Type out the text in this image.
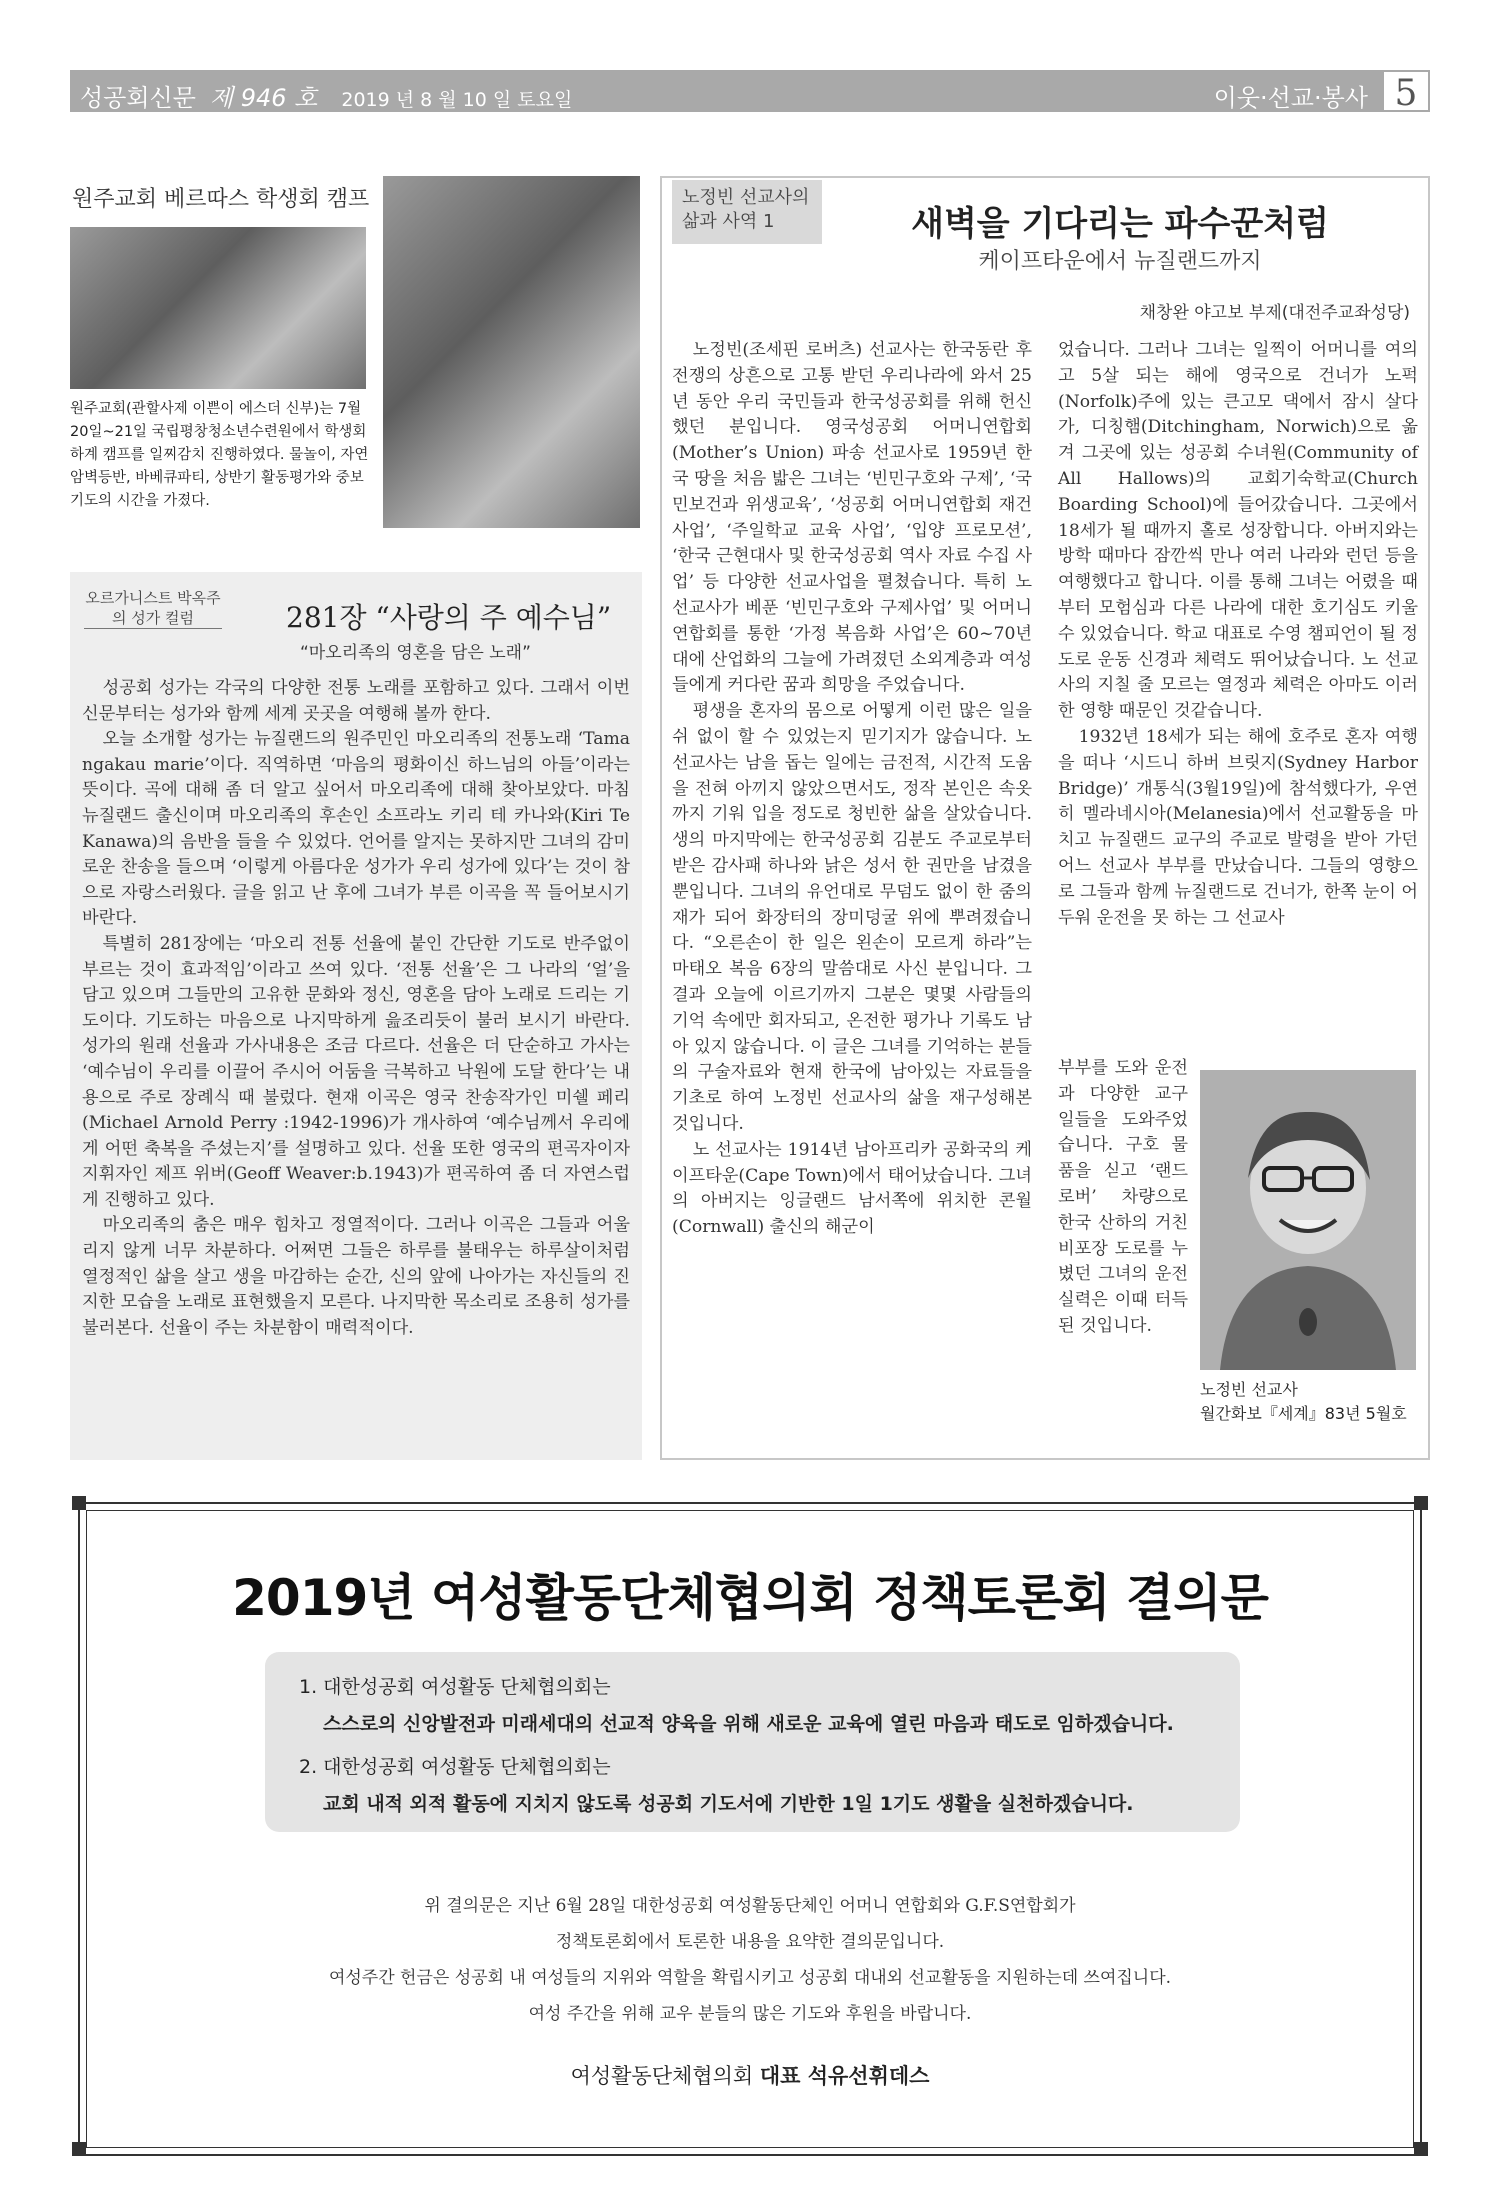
성공회신문 제 946 호 2019 년 8 월 10 일 토요일	이웃·선교·봉사 5
원주교회 베르따스 학생회 캠프
원주교회(관할사제 이쁜이 에스더 신부)는 7월 20일~21일 국립평창청소년수련원에서 학생회 하계 캠프를 일찌감치 진행하였다. 물놀이, 자연암벽등반, 바베큐파티, 상반기 활동평가와 중보기도의 시간을 가졌다.
오르가니스트 박옥주의 성가 컬럼	281장 “사랑의 주 예수님”
“마오리족의 영혼을 담은 노래”

성공회 성가는 각국의 다양한 전통 노래를 포함하고 있다. 그래서 이번 신문부터는 성가와 함께 세계 곳곳을 여행해 볼까 한다.

오늘 소개할 성가는 뉴질랜드의 원주민인 마오리족의 전통노래 ‘Tama ngakau marie’이다. 직역하면 ‘마음의 평화이신 하느님의 아들’이라는 뜻이다. 곡에 대해 좀 더 알고 싶어서 마오리족에 대해 찾아보았다. 마침 뉴질랜드 출신이며 마오리족의 후손인 소프라노 키리 테 카나와(Kiri Te Kanawa)의 음반을 들을 수 있었다. 언어를 알지는 못하지만 그녀의 감미로운 찬송을 들으며 ‘이렇게 아름다운 성가가 우리 성가에 있다’는 것이 참으로 자랑스러웠다. 글을 읽고 난 후에 그녀가 부른 이곡을 꼭 들어보시기 바란다.

특별히 281장에는 ‘마오리 전통 선율에 붙인 간단한 기도로 반주없이 부르는 것이 효과적임’이라고 쓰여 있다. ‘전통 선율’은 그 나라의 ‘얼’을 담고 있으며 그들만의 고유한 문화와 정신, 영혼을 담아 노래로 드리는 기도이다. 기도하는 마음으로 나지막하게 읊조리듯이 불러 보시기 바란다. 성가의 원래 선율과 가사내용은 조금 다르다. 선율은 더 단순하고 가사는 ‘예수님이 우리를 이끌어 주시어 어둠을 극복하고 낙원에 도달 한다’는 내용으로 주로 장례식 때 불렀다. 현재 이곡은 영국 찬송작가인 미쉘 페리(Michael Arnold Perry :1942-1996)가 개사하여 ‘예수님께서 우리에게 어떤 축복을 주셨는지’를 설명하고 있다. 선율 또한 영국의 편곡자이자 지휘자인 제프 위버(Geoff Weaver:b.1943)가 편곡하여 좀 더 자연스럽게 진행하고 있다.

마오리족의 춤은 매우 힘차고 정열적이다. 그러나 이곡은 그들과 어울리지 않게 너무 차분하다. 어쩌면 그들은 하루를 불태우는 하루살이처럼 열정적인 삶을 살고 생을 마감하는 순간, 신의 앞에 나아가는 자신들의 진지한 모습을 노래로 표현했을지 모른다. 나지막한 목소리로 조용히 성가를 불러본다. 선율이 주는 차분함이 매력적이다.

노정빈 선교사의 삶과 사역 1	새벽을 기다리는 파수꾼처럼
케이프타운에서 뉴질랜드까지
채창완 야고보 부제(대전주교좌성당)

노정빈(조세핀 로버츠) 선교사는 한국동란 후 전쟁의 상흔으로 고통 받던 우리나라에 와서 25년 동안 우리 국민들과 한국성공회를 위해 헌신했던 분입니다. 영국성공회 어머니연합회(Mother’s Union) 파송 선교사로 1959년 한국 땅을 처음 밟은 그녀는 ‘빈민구호와 구제’, ‘국민보건과 위생교육’, ‘성공회 어머니연합회 재건 사업’, ‘주일학교 교육 사업’, ‘입양 프로모션’, ‘한국 근현대사 및 한국성공회 역사 자료 수집 사업’ 등 다양한 선교사업을 펼쳤습니다. 특히 노 선교사가 베푼 ‘빈민구호와 구제사업’ 및 어머니연합회를 통한 ‘가정 복음화 사업’은 60~70년대에 산업화의 그늘에 가려졌던 소외계층과 여성들에게 커다란 꿈과 희망을 주었습니다.

평생을 혼자의 몸으로 어떻게 이런 많은 일을 쉬 없이 할 수 있었는지 믿기지가 않습니다. 노 선교사는 남을 돕는 일에는 금전적, 시간적 도움을 전혀 아끼지 않았으면서도, 정작 본인은 속옷까지 기워 입을 정도로 청빈한 삶을 살았습니다. 생의 마지막에는 한국성공회 김분도 주교로부터 받은 감사패 하나와 낡은 성서 한 권만을 남겼을 뿐입니다. 그녀의 유언대로 무덤도 없이 한 줌의 재가 되어 화장터의 장미덩굴 위에 뿌려졌습니다. “오른손이 한 일은 왼손이 모르게 하라”는 마태오 복음 6장의 말씀대로 사신 분입니다. 그 결과 오늘에 이르기까지 그분은 몇몇 사람들의 기억 속에만 회자되고, 온전한 평가나 기록도 남아 있지 않습니다. 이 글은 그녀를 기억하는 분들의 구술자료와 현재 한국에 남아있는 자료들을 기초로 하여 노정빈 선교사의 삶을 재구성해본 것입니다.

노 선교사는 1914년 남아프리카 공화국의 케이프타운(Cape Town)에서 태어났습니다. 그녀의 아버지는 잉글랜드 남서쪽에 위치한 콘월(Cornwall) 출신의 해군이

었습니다. 그러나 그녀는 일찍이 어머니를 여의고 5살 되는 해에 영국으로 건너가 노퍽(Norfolk)주에 있는 큰고모 댁에서 잠시 살다가, 디칭햄(Ditchingham, Norwich)으로 옮겨 그곳에 있는 성공회 수녀원(Community of All Hallows)의 교회기숙학교(Church Boarding School)에 들어갔습니다. 그곳에서 18세가 될 때까지 홀로 성장합니다. 아버지와는 방학 때마다 잠깐씩 만나 여러 나라와 런던 등을 여행했다고 합니다. 이를 통해 그녀는 어렸을 때부터 모험심과 다른 나라에 대한 호기심도 키울 수 있었습니다. 학교 대표로 수영 챔피언이 될 정도로 운동 신경과 체력도 뛰어났습니다. 노 선교사의 지칠 줄 모르는 열정과 체력은 아마도 이러한 영향 때문인 것같습니다.

1932년 18세가 되는 해에 호주로 혼자 여행을 떠나 ‘시드니 하버 브릿지(Sydney Harbor Bridge)’ 개통식(3월19일)에 참석했다가, 우연히 멜라네시아(Melanesia)에서 선교활동을 마치고 뉴질랜드 교구의 주교로 발령을 받아 가던 어느 선교사 부부를 만났습니다. 그들의 영향으로 그들과 함께 뉴질랜드로 건너가, 한쪽 눈이 어두워 운전을 못 하는 그 선교사

부부를 도와 운전과 다양한 교구 일들을 도와주었습니다. 구호 물품을 싣고 ‘랜드로버’ 차량으로 한국 산하의 거친 비포장 도로를 누볐던 그녀의 운전 실력은 이때 터득된 것입니다.

노정빈 선교사
월간화보『세계』83년 5월호
2019년 여성활동단체협의회 정책토론회 결의문
1. 대한성공회 여성활동 단체협의회는
스스로의 신앙발전과 미래세대의 선교적 양육을 위해 새로운 교육에 열린 마음과 태도로 임하겠습니다.
2. 대한성공회 여성활동 단체협의회는
교회 내적 외적 활동에 지치지 않도록 성공회 기도서에 기반한 1일 1기도 생활을 실천하겠습니다.
위 결의문은 지난 6월 28일 대한성공회 여성활동단체인 어머니 연합회와 G.F.S연합회가
정책토론회에서 토론한 내용을 요약한 결의문입니다.
여성주간 헌금은 성공회 내 여성들의 지위와 역할을 확립시키고 성공회 대내외 선교활동을 지원하는데 쓰여집니다.
여성 주간을 위해 교우 분들의 많은 기도와 후원을 바랍니다.
여성활동단체협의회 대표 석유선휘데스
